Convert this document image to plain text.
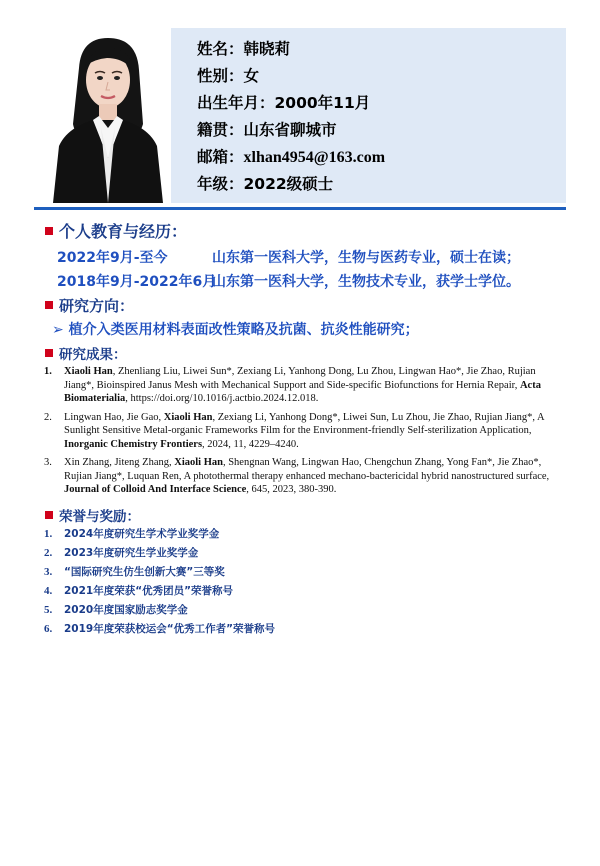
姓名：韩晓莉
性别：女
出生年月：2000年11月
籍贯：山东省聊城市
邮箱：xlhan4954@163.com
年级：2022级硕士
个人教育与经历：
2022年9月-至今	山东第一医科大学，生物与医药专业，硕士在读；
2018年9月-2022年6月山东第一医科大学，生物技术专业，获学士学位。
研究方向：
➢ 植介入类医用材料表面改性策略及抗菌、抗炎性能研究；
研究成果：
1. Xiaoli Han, Zhenliang Liu, Liwei Sun*, Zexiang Li, Yanhong Dong, Lu Zhou, Lingwan Hao*, Jie Zhao, Rujian Jiang*, Bioinspired Janus Mesh with Mechanical Support and Side-specific Biofunctions for Hernia Repair, Acta Biomaterialia, https://doi.org/10.1016/j.actbio.2024.12.018.
2. Lingwan Hao, Jie Gao, Xiaoli Han, Zexiang Li, Yanhong Dong*, Liwei Sun, Lu Zhou, Jie Zhao, Rujian Jiang*, A Sunlight Sensitive Metal-organic Frameworks Film for the Environment-friendly Self-sterilization Application, Inorganic Chemistry Frontiers, 2024, 11, 4229–4240.
3. Xin Zhang, Jiteng Zhang, Xiaoli Han, Shengnan Wang, Lingwan Hao, Chengchun Zhang, Yong Fan*, Jie Zhao*, Rujian Jiang*, Luquan Ren, A photothermal therapy enhanced mechano-bactericidal hybrid nanostructured surface, Journal of Colloid And Interface Science, 645, 2023, 380-390.
荣誉与奖励：
1. 2024年度研究生学术学业奖学金
2. 2023年度研究生学业奖学金
3. “国际研究生仿生创新大赛”三等奖
4. 2021年度荣获“优秀团员”荣誉称号
5. 2020年度国家励志奖学金
6. 2019年度荣获校运会“优秀工作者”荣誉称号
